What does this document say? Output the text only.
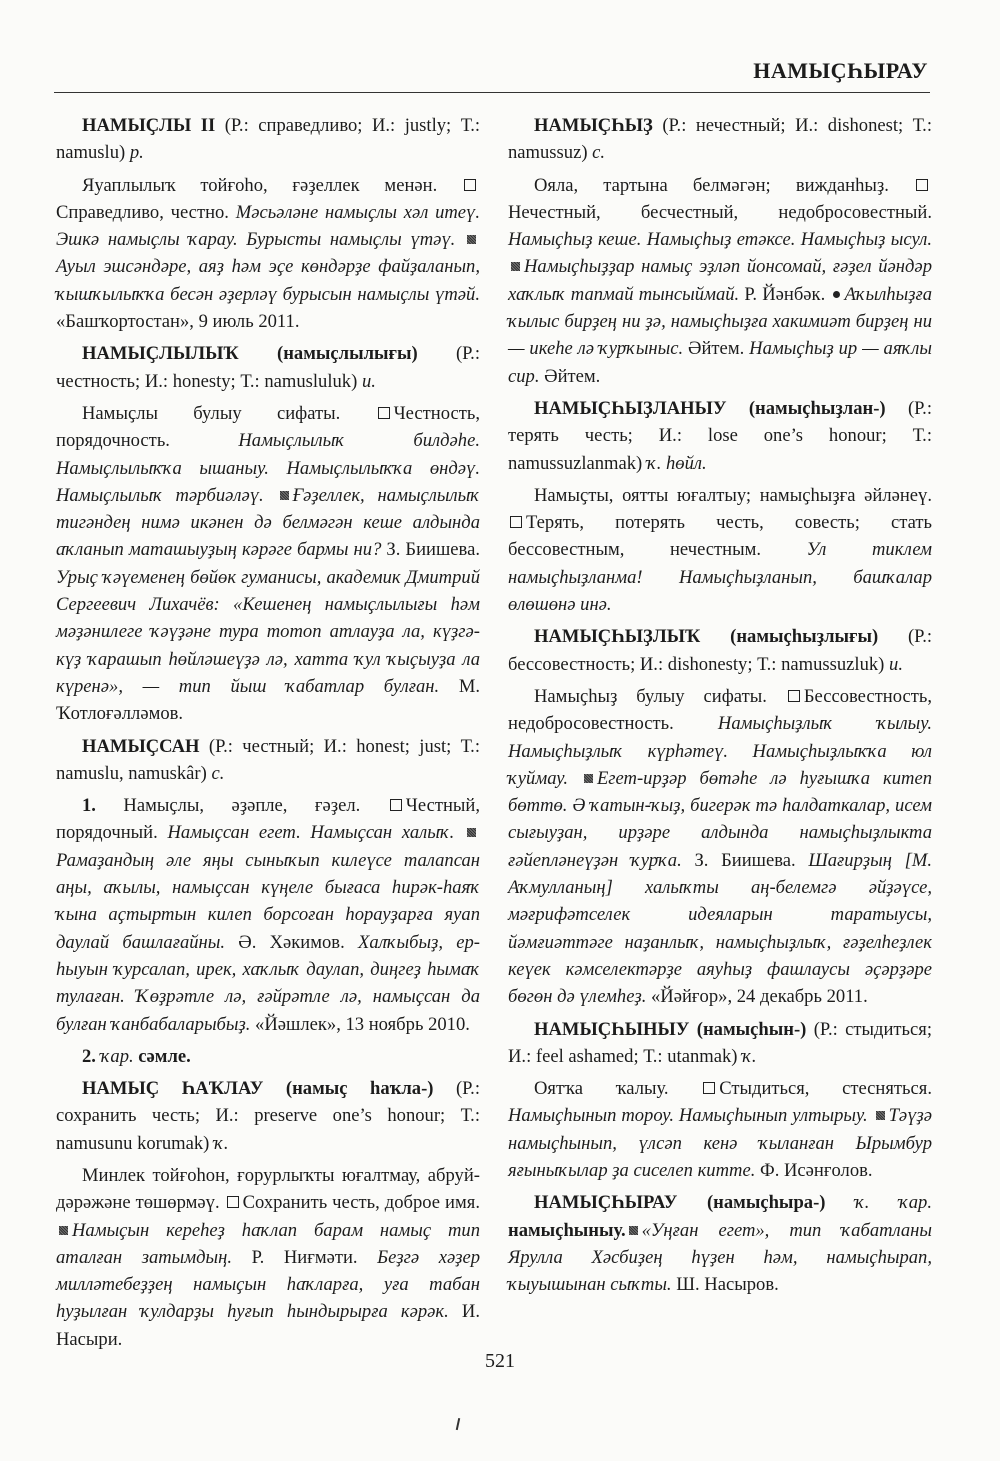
НАМЫҪҺЫРАУ

НАМЫҪЛЫ II (Р.: справедливо; И.: justly; Т.: namuslu) р.

Яуаплылыҡ тойғоһо, ғәҙеллек менән. Справедливо, честно. Мәсьәләне намыҫлы хәл итеү. Эшкә намыҫлы ҡарау. Бурысты намыҫлы үтәү. Ауыл эшсәндәре, аяҙ һәм эҫе көндәрҙе файҙаланып, ҡышҡылыҡҡа бесән әҙерләү бурысын намыҫлы үтәй. «Башҡортостан», 9 июль 2011.

НАМЫҪЛЫЛЫҠ (намыҫлылығы) (Р.: честность; И.: honesty; Т.: namusluluk) и.

Намыҫлы булыу сифаты. Честность, порядочность. Намыҫлылыҡ билдәһе. Намыҫлылыҡҡа ышаныу. Намыҫлылыҡҡа өндәү. Намыҫлылыҡ тәрбиәләү. Ғәҙеллек, намыҫлылыҡ тигәндең нимә икәнен дә белмәгән кеше алдында аҡланып маташыуҙың кәрәге бармы ни? З. Биишева. Урыҫ ҡәүеменең бөйөк гуманисы, академик Дмитрий Сергеевич Лихачёв: «Кешенең намыҫлылығы һәм мәҙәнилеге ҡәүҙәне тура тотоп атлауҙа ла, күҙгә-күҙ ҡарашып һөйләшеүҙә лә, хатта ҡул ҡыҫыуҙа ла күренә», — тип йыш ҡабатлар булған. М. Ҡотлоғәлләмов.

НАМЫҪСАН (Р.: честный; И.: honest; just; Т.: namuslu, namuskâr) с.

1. Намыҫлы, әҙәпле, ғәҙел. Честный, порядочный. Намыҫсан егет. Намыҫсан халыҡ. Рамаҙандың әле яңы сыныҡып килеүсе талапсан аңы, аҡылы, намыҫсан күңеле бығаса һирәк-һаяҡ ҡына аҫтыртын килеп борсоған һорауҙарға яуап даулай башлағайны. Ә. Хәкимов. Халҡыбыҙ, ер-һыуын ҡурсалап, ирек, хаҡлыҡ даулап, диңгеҙ һымаҡ тулаған. Ҡөҙрәтле лә, ғәйрәтле лә, намыҫсан да булған ҡанбабаларыбыҙ. «Йәшлек», 13 ноябрь 2010.

2. ҡар. сәмле.

НАМЫҪ ҺАҠЛАУ (намыҫ һаҡла-) (Р.: сохранить честь; И.: preserve one’s honour; Т.: namusunu korumak) ҡ.

Минлек тойғоһон, ғорурлыҡты юғалтмау, абруй-дәрәжәне төшөрмәү. Сохранить честь, доброе имя. Намыҫын кереһеҙ һаҡлап барам намыҫ тип аталған затымдың. Р. Ниғмәти. Беҙгә хәҙер милләтебеҙҙең намыҫын һаҡларға, уға табан һуҙылған ҡулдарҙы һуғып һындырырға кәрәк. И. Насыри.

НАМЫҪҺЫҘ (Р.: нечестный; И.: dishonest; Т.: namussuz) с.

Ояла, тартына белмәгән; вижданһыҙ. Нечестный, бесчестный, недобросовестный. Намыҫһыҙ кеше. Намыҫһыҙ етәксе. Намыҫһыҙ ысул. Намыҫһыҙҙар намыҫ эҙләп йонсомай, ғәҙел йәндәр хаҡлыҡ тапмай тынсыймай. Р. Йәнбәк. Аҡылһыҙға ҡылыс бирҙең ни ҙә, намыҫһыҙға хакимиәт бирҙең ни — икеһе лә ҡурҡыныс. Әйтем. Намыҫһыҙ ир — аяҡлы сир. Әйтем.

НАМЫҪҺЫҘЛАНЫУ (намыҫһыҙлан-) (Р.: терять честь; И.: lose one’s honour; Т.: namussuzlanmak) ҡ. һөйл.

Намыҫты, оятты юғалтыу; намыҫһыҙға әйләнеү. Терять, потерять честь, совесть; стать бессовестным, нечестным. Ул тиклем намыҫһыҙланма! Намыҫһыҙланып, башҡалар өлөшөнә инә.

НАМЫҪҺЫҘЛЫҠ (намыҫһыҙлығы) (Р.: бессовестность; И.: dishonesty; Т.: namussuzluk) и.

Намыҫһыҙ булыу сифаты. Бессовестность, недобросовестность. Намыҫһыҙлыҡ ҡылыу. Намыҫһыҙлыҡ күрһәтеү. Намыҫһыҙлыҡҡа юл ҡуймау. Егет-ирҙәр бөтәһе лә һуғышҡа китеп бөттө. Ә ҡатын-ҡыҙ, бигерәк тә һалдаткалар, исем сығыуҙан, ирҙәре алдында намыҫһыҙлыкта ғәйепләнеүҙән ҡурҡа. З. Биишева. Шағирҙың [М. Аҡмулланың] халыҡты аң-белемгә әйҙәүсе, мәғрифәтселек идеяларын таратыусы, йәмғиәттәге наҙанлыҡ, намыҫһыҙлыҡ, ғәҙелһеҙлек кеүек кәмселектәрҙе аяуһыҙ фашлаусы әҫәрҙәре бөгөн дә үлемһеҙ. «Йәйғор», 24 декабрь 2011.

НАМЫҪҺЫНЫУ (намыҫһын-) (Р.: стыдиться; И.: feel ashamed; Т.: utanmak) ҡ.

Оятҡа ҡалыу. Стыдиться, стесняться. Намыҫһынып тороу. Намыҫһынып ултырыу. Тәүҙә намыҫһынып, үлсәп кенә ҡыланған Ырымбур яғыныҡылар ҙа сиселеп китте. Ф. Исәнғолов.

НАМЫҪҺЫРАУ (намыҫһыра-) ҡ. ҡар. намыҫһыныу. «Уңған егет», тип ҡабатланы Ярулла Хәсбиҙең һүҙен һәм, намыҫһырап, ҡыуышынан сыҡты. Ш. Насыров.

521
